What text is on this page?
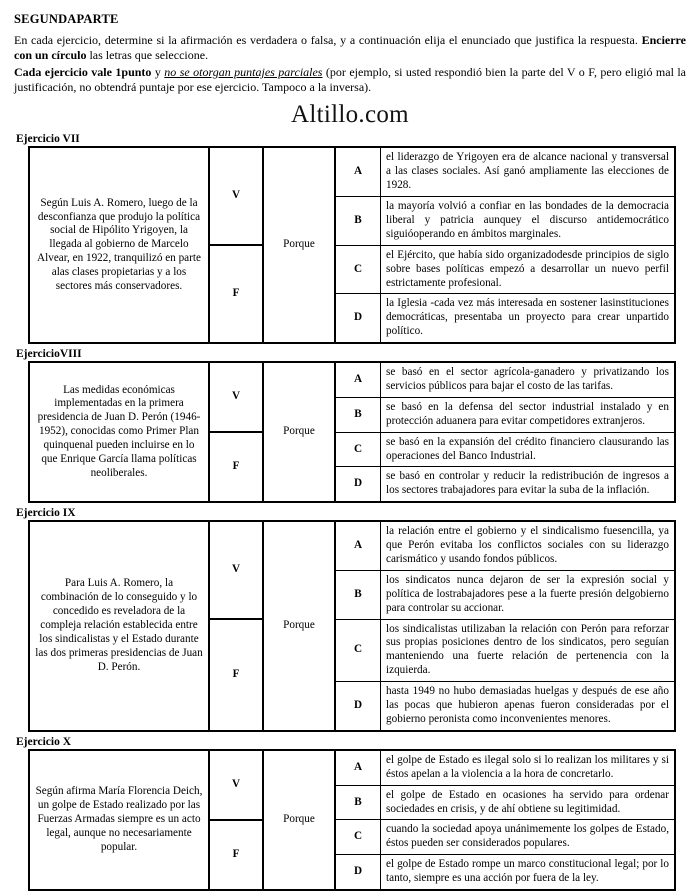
SEGUNDAPARTE

En cada ejercicio, determine si la afirmación es verdadera o falsa, y a continuación elija el enunciado que justifica la respuesta. Encierre con un círculo las letras que seleccione.

Cada ejercicio vale 1punto y no se otorgan puntajes parciales (por ejemplo, si usted respondió bien la parte del V o F, pero eligió mal la justificación, no obtendrá puntaje por ese ejercicio. Tampoco a la inversa).

Altillo.com
Ejercicio VII
Según Luis A. Romero, luego de la desconfianza que produjo la política social de Hipólito Yrigoyen, la llegada al gobierno de Marcelo Alvear, en 1922, tranquilizó en parte alas clases propietarias y a los sectores más conservadores.	V	Porque	A	el liderazgo de Yrigoyen era de alcance nacional y transversal a las clases sociales. Así ganó ampliamente las elecciones de 1928.
			B	la mayoría volvió a confiar en las bondades de la democracia liberal y patricia aunquey el discurso antidemocrático siguióoperando en ámbitos marginales.
	F		C	el Ejército, que había sido organizadodesde principios de siglo sobre bases políticas empezó a desarrollar un nuevo perfil estrictamente profesional.
			D	la Iglesia -cada vez más interesada en sostener lasinstituciones democráticas, presentaba un proyecto para crear unpartido político.
EjercicioVIII
Las medidas económicas implementadas en la primera presidencia de Juan D. Perón (1946-1952), conocidas como Primer Plan quinquenal pueden incluirse en lo que Enrique García llama políticas neoliberales.	V	Porque	A	se basó en el sector agrícola-ganadero y privatizando los servicios públicos para bajar el costo de las tarifas.
			B	se basó en la defensa del sector industrial instalado y en protección aduanera para evitar competidores extranjeros.
	F		C	se basó en la expansión del crédito financiero clausurando las operaciones del Banco Industrial.
			D	se basó en controlar y reducir la redistribución de ingresos a los sectores trabajadores para evitar la suba de la inflación.
Ejercicio IX
Para Luis A. Romero, la combinación de lo conseguido y lo concedido es reveladora de la compleja relación establecida entre los sindicalistas y el Estado durante las dos primeras presidencias de Juan D. Perón.	V	Porque	A	la relación entre el gobierno y el sindicalismo fuesencilla, ya que Perón evitaba los conflictos sociales con su liderazgo carismático y usando fondos públicos.
			B	los sindicatos nunca dejaron de ser la expresión social y política de lostrabajadores pese a la fuerte presión delgobierno para controlar su accionar.
	F		C	los sindicalistas utilizaban la relación con Perón para reforzar sus propias posiciones dentro de los sindicatos, pero seguían manteniendo una fuerte relación de pertenencia con la izquierda.
			D	hasta 1949 no hubo demasiadas huelgas y después de ese año las pocas que hubieron apenas fueron consideradas por el gobierno peronista como inconvenientes menores.
Ejercicio X
Según afirma María Florencia Deich, un golpe de Estado realizado por las Fuerzas Armadas siempre es un acto legal, aunque no necesariamente popular.	V	Porque	A	el golpe de Estado es ilegal solo si lo realizan los militares y si éstos apelan a la violencia a la hora de concretarlo.
			B	el golpe de Estado en ocasiones ha servido para ordenar sociedades en crisis, y de ahí obtiene su legitimidad.
	F		C	cuando la sociedad apoya unánimemente los golpes de Estado, éstos pueden ser considerados populares.
			D	el golpe de Estado rompe un marco constitucional legal; por lo tanto, siempre es una acción por fuera de la ley.
